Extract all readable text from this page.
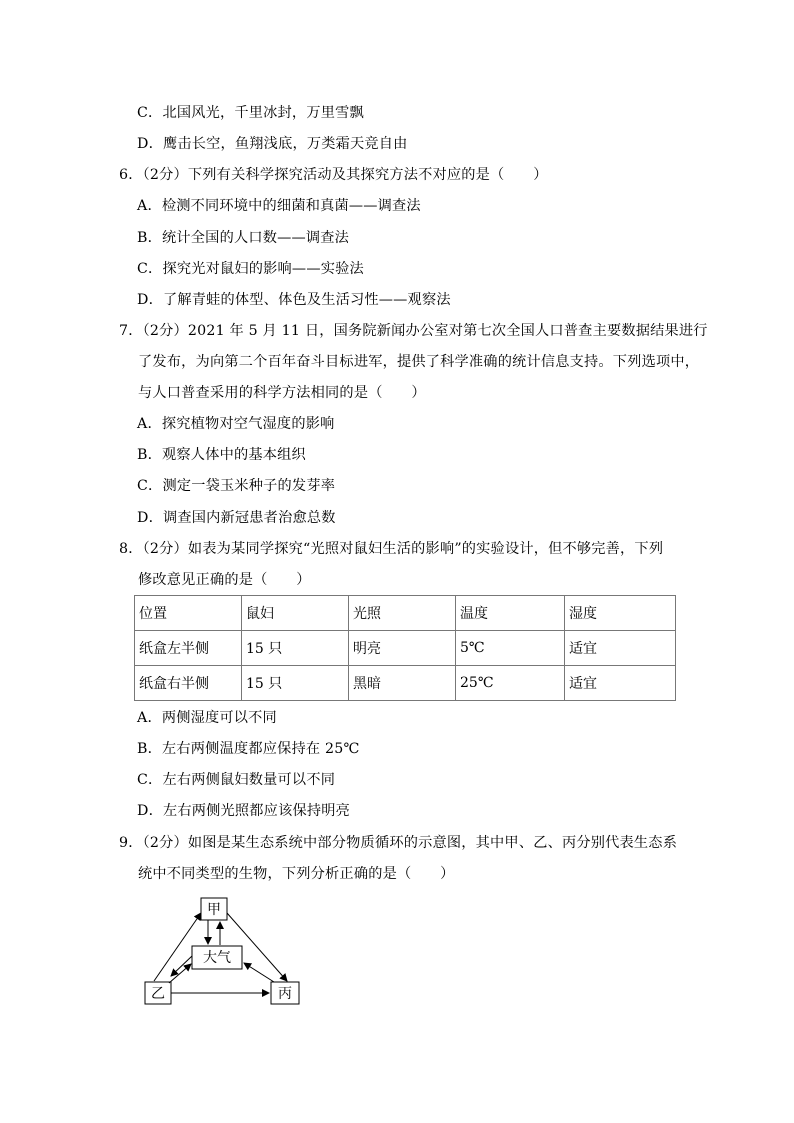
C．北国风光，千里冰封，万里雪飘
D．鹰击长空，鱼翔浅底，万类霜天竞自由
6．（2分）下列有关科学探究活动及其探究方法不对应的是（　　）
A．检测不同环境中的细菌和真菌——调查法
B．统计全国的人口数——调查法
C．探究光对鼠妇的影响——实验法
D．了解青蛙的体型、体色及生活习性——观察法
7．（2分）2021 年 5 月 11 日，国务院新闻办公室对第七次全国人口普查主要数据结果进行
了发布，为向第二个百年奋斗目标进军，提供了科学准确的统计信息支持。下列选项中，
与人口普查采用的科学方法相同的是（　　）
A．探究植物对空气湿度的影响
B．观察人体中的基本组织
C．测定一袋玉米种子的发芽率
D．调查国内新冠患者治愈总数
8．（2分）如表为某同学探究“光照对鼠妇生活的影响”的实验设计，但不够完善，下列
修改意见正确的是（　　）
位置	鼠妇	光照	温度	湿度
纸盒左半侧	15 只	明亮	5℃	适宜
纸盒右半侧	15 只	黑暗	25℃	适宜
A．两侧湿度可以不同
B．左右两侧温度都应保持在 25℃
C．左右两侧鼠妇数量可以不同
D．左右两侧光照都应该保持明亮
9．（2分）如图是某生态系统中部分物质循环的示意图，其中甲、乙、丙分别代表生态系
统中不同类型的生物，下列分析正确的是（　　）
甲
大气
乙	丙
